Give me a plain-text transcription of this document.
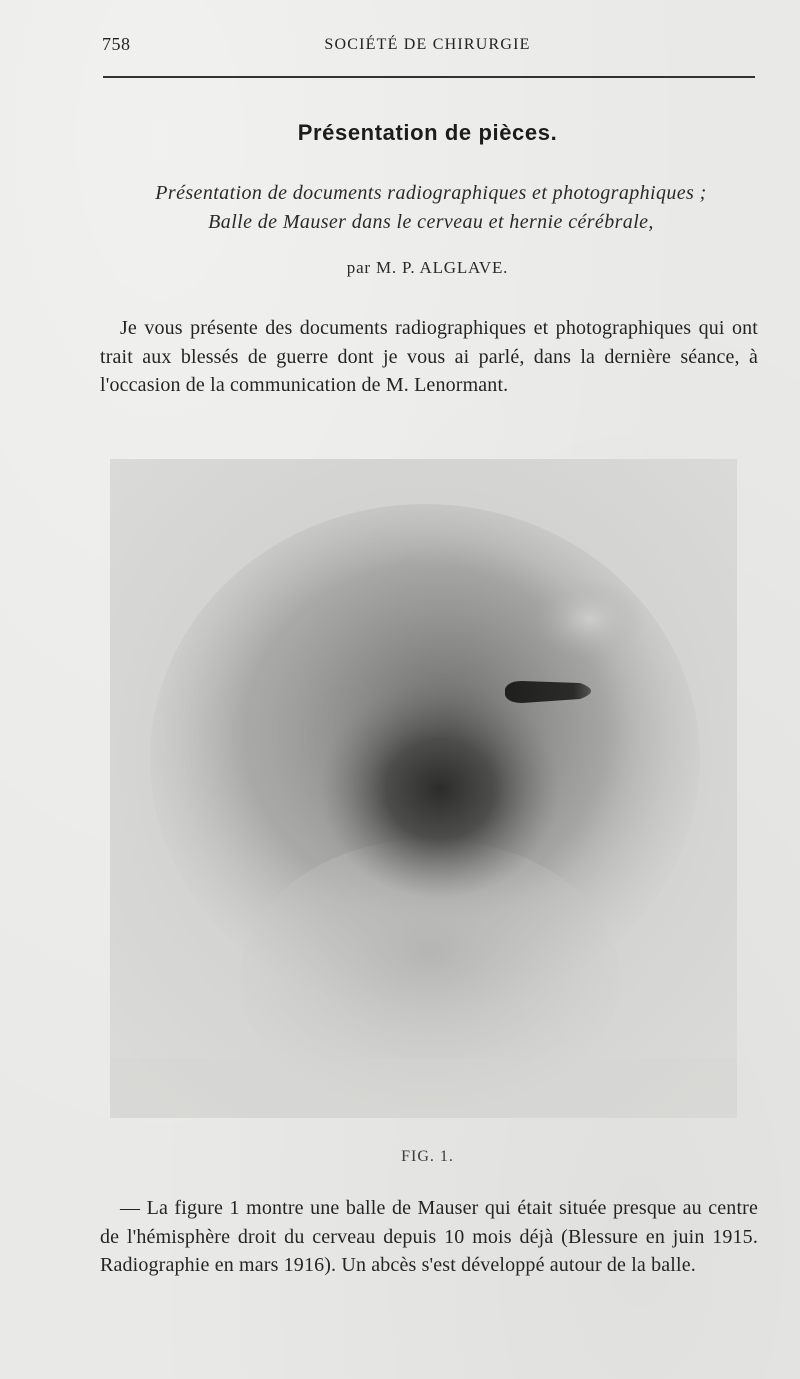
758	SOCIÉTÉ DE CHIRURGIE
Présentation de pièces.
Présentation de documents radiographiques et photographiques ;
Balle de Mauser dans le cerveau et hernie cérébrale,
par M. P. ALGLAVE.
Je vous présente des documents radiographiques et photographiques qui ont trait aux blessés de guerre dont je vous ai parlé, dans la dernière séance, à l'occasion de la communication de M. Lenormant.
FIG. 1.
— La figure 1 montre une balle de Mauser qui était située presque au centre de l'hémisphère droit du cerveau depuis 10 mois déjà (Blessure en juin 1915. Radiographie en mars 1916). Un abcès s'est développé autour de la balle.
